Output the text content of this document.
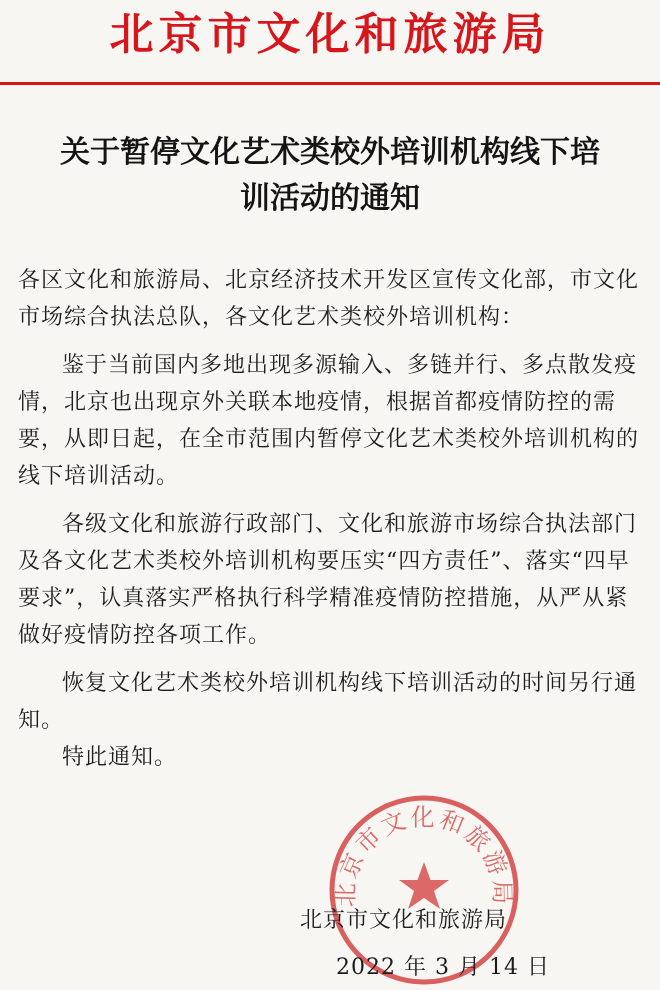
北京市文化和旅游局
关于暂停文化艺术类校外培训机构线下培
训活动的通知

各区文化和旅游局、北京经济技术开发区宣传文化部，市文化市场综合执法总队，各文化艺术类校外培训机构：

鉴于当前国内多地出现多源输入、多链并行、多点散发疫情，北京也出现京外关联本地疫情，根据首都疫情防控的需要，从即日起，在全市范围内暂停文化艺术类校外培训机构的线下培训活动。

各级文化和旅游行政部门、文化和旅游市场综合执法部门及各文化艺术类校外培训机构要压实“四方责任”、落实“四早要求”，认真落实严格执行科学精准疫情防控措施，从严从紧做好疫情防控各项工作。

恢复文化艺术类校外培训机构线下培训活动的时间另行通知。

特此通知。

北京市文化和旅游局
北京市文化和旅游局
2022 年 3 月 14 日
